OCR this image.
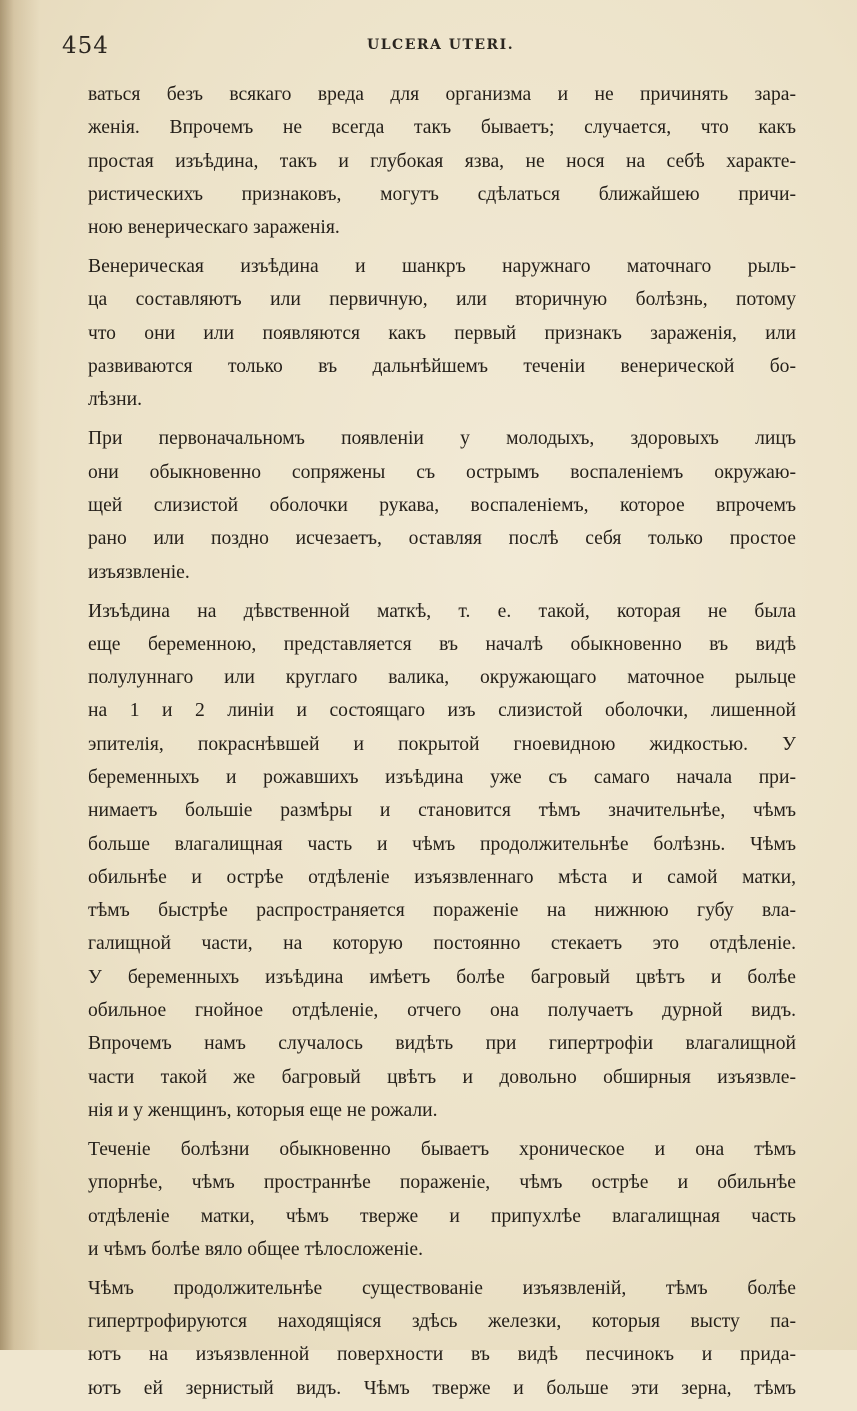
454	ULCERA UTERI.

ваться безъ всякаго вреда для организма и не причинять зара-
женія. Впрочемъ не всегда такъ бываетъ; случается, что какъ
простая изъѣдина, такъ и глубокая язва, не нося на себѣ характе-
ристическихъ признаковъ, могутъ сдѣлаться ближайшею причи-
ною венерическаго зараженія.

Венерическая изъѣдина и шанкръ наружнаго маточнаго рыль-
ца составляютъ или первичную, или вторичную болѣзнь, потому
что они или появляются какъ первый признакъ зараженія, или
развиваются только въ дальнѣйшемъ теченіи венерической бо-
лѣзни.

При первоначальномъ появленіи у молодыхъ, здоровыхъ лицъ
они обыкновенно сопряжены съ острымъ воспаленіемъ окружаю-
щей слизистой оболочки рукава, воспаленіемъ, которое впрочемъ
рано или поздно исчезаетъ, оставляя послѣ себя только простое
изъязвленіе.

Изъѣдина на дѣвственной маткѣ, т. е. такой, которая не была
еще беременною, представляется въ началѣ обыкновенно въ видѣ
полулуннаго или круглаго валика, окружающаго маточное рыльце
на 1 и 2 линіи и состоящаго изъ слизистой оболочки, лишенной
эпителія, покраснѣвшей и покрытой гноевидною жидкостью. У
беременныхъ и рожавшихъ изъѣдина уже съ самаго начала при-
нимаетъ большіе размѣры и становится тѣмъ значительнѣе, чѣмъ
больше влагалищная часть и чѣмъ продолжительнѣе болѣзнь. Чѣмъ
обильнѣе и острѣе отдѣленіе изъязвленнаго мѣста и самой матки,
тѣмъ быстрѣе распространяется пораженіе на нижнюю губу вла-
галищной части, на которую постоянно стекаетъ это отдѣленіе.
У беременныхъ изъѣдина имѣетъ болѣе багровый цвѣтъ и болѣе
обильное гнойное отдѣленіе, отчего она получаетъ дурной видъ.
Впрочемъ намъ случалось видѣть при гипертрофіи влагалищной
части такой же багровый цвѣтъ и довольно обширныя изъязвле-
нія и у женщинъ, которыя еще не рожали.

Теченіе болѣзни обыкновенно бываетъ хроническое и она тѣмъ
упорнѣе, чѣмъ пространнѣе пораженіе, чѣмъ острѣе и обильнѣе
отдѣленіе матки, чѣмъ тверже и припухлѣе влагалищная часть
и чѣмъ болѣе вяло общее тѣлосложеніе.

Чѣмъ продолжительнѣе существованіе изъязвленій, тѣмъ болѣе
гипертрофируются находящіяся здѣсь железки, которыя высту па-
ютъ на изъязвленной поверхности въ видѣ песчинокъ и прида-
ютъ ей зернистый видъ. Чѣмъ тверже и больше эти зерна, тѣмъ
